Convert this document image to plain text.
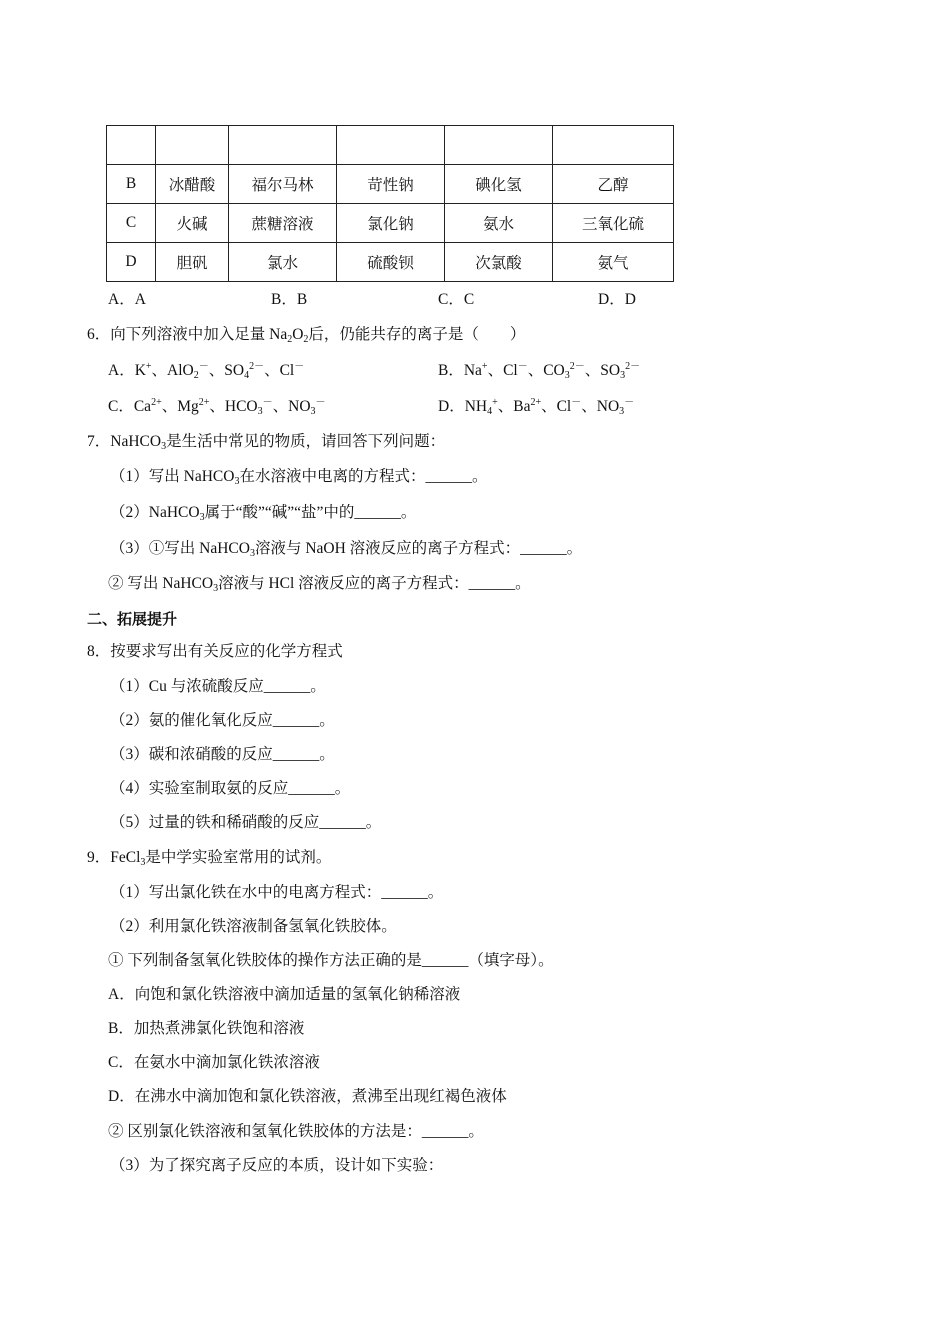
B	冰醋酸	福尔马林	苛性钠	碘化氢	乙醇
C	火碱	蔗糖溶液	氯化钠	氨水	三氧化硫
D	胆矾	氯水	硫酸钡	次氯酸	氨气
A．A	B．B	C．C	D．D
6．向下列溶液中加入足量 $Na_2O_2$后，仍能共存的离子是（　　）
A．K+、AlO$_2$－、$SO_4^{2-}$、Cl－	B．Na+、Cl－、$CO_3^{2-}$、$SO_3^{2-}$
C．$Ca^{2+}$、$Mg^{2+}$、$HCO_3^-$、$NO_3^-$	D．$NH_4^+$、$Ba^{2+}$、Cl－、$NO_3^-$
7．NaHCO$_3$是生活中常见的物质，请回答下列问题：
（1）写出 NaHCO$_3$在水溶液中电离的方程式：______。
（2）NaHCO$_3$属于“酸”“碱”“盐”中的______。
（3）①写出 NaHCO$_3$溶液与 NaOH 溶液反应的离子方程式：______。
② 写出 NaHCO$_3$溶液与 HCl 溶液反应的离子方程式：______。
二、拓展提升
8．按要求写出有关反应的化学方程式
（1）Cu 与浓硫酸反应______。
（2）氨的催化氧化反应______。
（3）碳和浓硝酸的反应______。
（4）实验室制取氨的反应______。
（5）过量的铁和稀硝酸的反应______。
9．FeCl$_3$是中学实验室常用的试剂。
（1）写出氯化铁在水中的电离方程式：______。
（2）利用氯化铁溶液制备氢氧化铁胶体。
① 下列制备氢氧化铁胶体的操作方法正确的是______（填字母）。
A．向饱和氯化铁溶液中滴加适量的氢氧化钠稀溶液
B．加热煮沸氯化铁饱和溶液
C．在氨水中滴加氯化铁浓溶液
D．在沸水中滴加饱和氯化铁溶液，煮沸至出现红褐色液体
② 区别氯化铁溶液和氢氧化铁胶体的方法是：______。
（3）为了探究离子反应的本质，设计如下实验：
